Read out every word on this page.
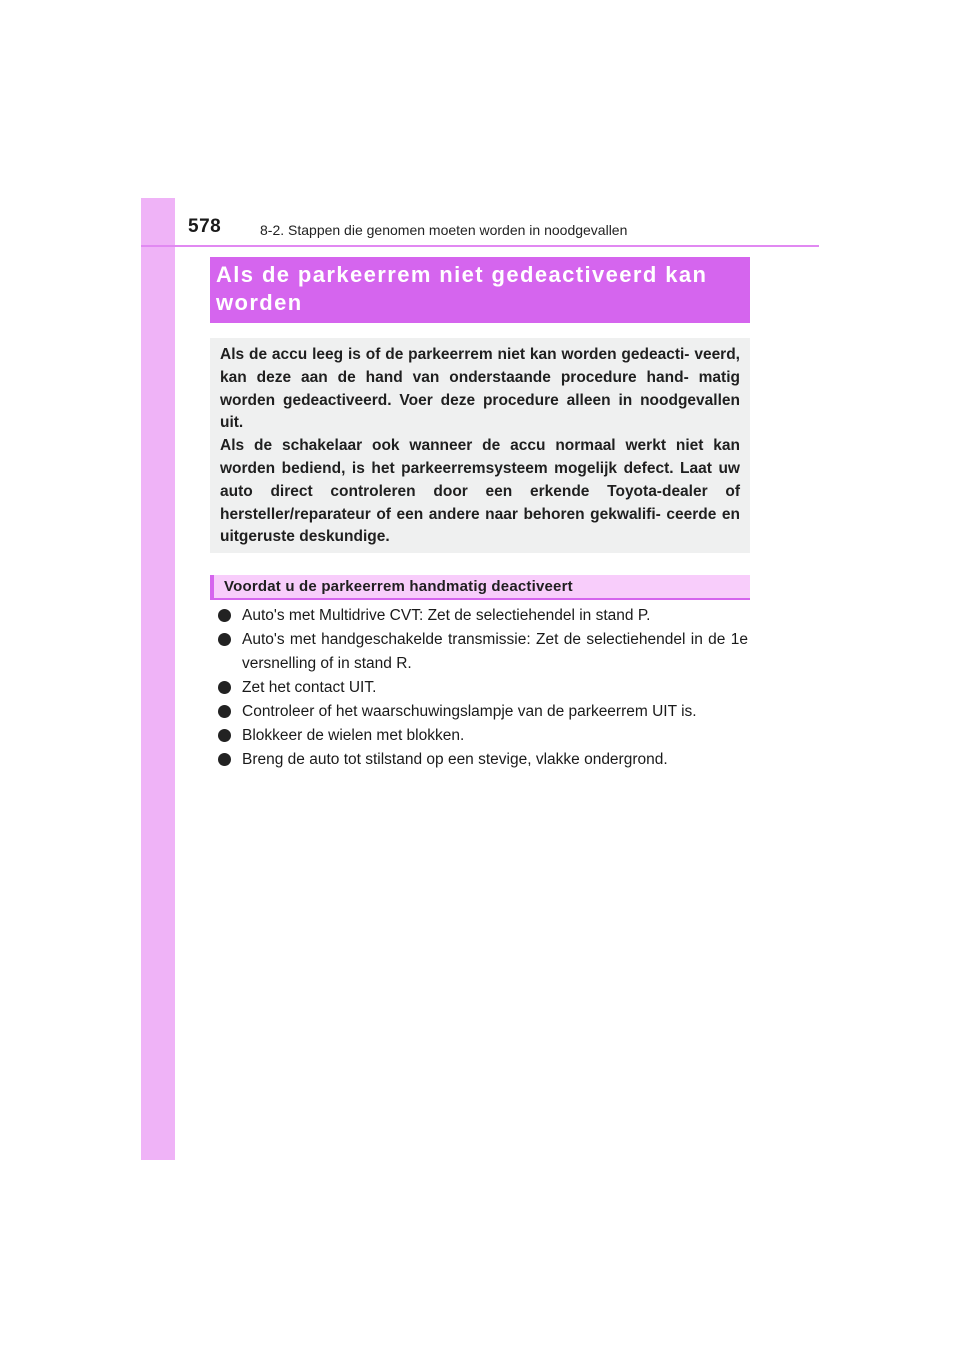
578	8-2. Stappen die genomen moeten worden in noodgevallen

Als de parkeerrem niet gedeactiveerd kan

worden

Als de accu leeg is of de parkeerrem niet kan worden gedeacti- veerd, kan deze aan de hand van onderstaande procedure hand- matig worden gedeactiveerd. Voer deze procedure alleen in noodgevallen uit.

Als de schakelaar ook wanneer de accu normaal werkt niet kan worden bediend, is het parkeerremsysteem mogelijk defect. Laat uw auto direct controleren door een erkende Toyota-dealer of hersteller/reparateur of een andere naar behoren gekwalifi- ceerde en uitgeruste deskundige.

Voordat u de parkeerrem handmatig deactiveert
Auto's met Multidrive CVT: Zet de selectiehendel in stand P.
Auto's met handgeschakelde transmissie: Zet de selectiehendel in de 1e versnelling of in stand R.
Zet het contact UIT.
Controleer of het waarschuwingslampje van de parkeerrem UIT is.
Blokkeer de wielen met blokken.
Breng de auto tot stilstand op een stevige, vlakke ondergrond.
